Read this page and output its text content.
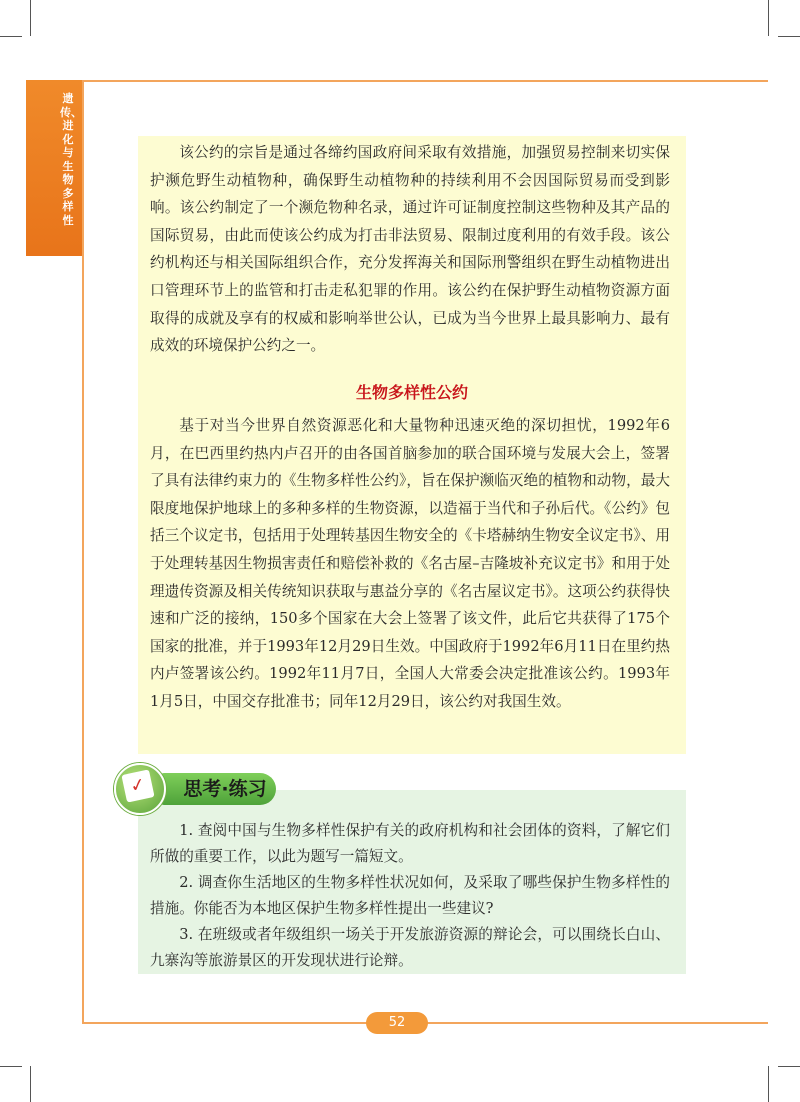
遗传、进化与生物多样性

该公约的宗旨是通过各缔约国政府间采取有效措施，加强贸易控制来切实保护濒危野生动植物种，确保野生动植物种的持续利用不会因国际贸易而受到影响。该公约制定了一个濒危物种名录，通过许可证制度控制这些物种及其产品的国际贸易，由此而使该公约成为打击非法贸易、限制过度利用的有效手段。该公约机构还与相关国际组织合作，充分发挥海关和国际刑警组织在野生动植物进出口管理环节上的监管和打击走私犯罪的作用。该公约在保护野生动植物资源方面取得的成就及享有的权威和影响举世公认，已成为当今世界上最具影响力、最有成效的环境保护公约之一。

生物多样性公约

基于对当今世界自然资源恶化和大量物种迅速灭绝的深切担忧，1992年6月，在巴西里约热内卢召开的由各国首脑参加的联合国环境与发展大会上，签署了具有法律约束力的《生物多样性公约》，旨在保护濒临灭绝的植物和动物，最大限度地保护地球上的多种多样的生物资源，以造福于当代和子孙后代。《公约》包括三个议定书，包括用于处理转基因生物安全的《卡塔赫纳生物安全议定书》、用于处理转基因生物损害责任和赔偿补救的《名古屋–吉隆坡补充议定书》和用于处理遗传资源及相关传统知识获取与惠益分享的《名古屋议定书》。这项公约获得快速和广泛的接纳，150多个国家在大会上签署了该文件，此后它共获得了175个国家的批准，并于1993年12月29日生效。中国政府于1992年6月11日在里约热内卢签署该公约。1992年11月7日，全国人大常委会决定批准该公约。1993年1月5日，中国交存批准书；同年12月29日，该公约对我国生效。

思考·练习
✓

1. 查阅中国与生物多样性保护有关的政府机构和社会团体的资料，了解它们所做的重要工作，以此为题写一篇短文。

2. 调查你生活地区的生物多样性状况如何，及采取了哪些保护生物多样性的措施。你能否为本地区保护生物多样性提出一些建议?

3. 在班级或者年级组织一场关于开发旅游资源的辩论会，可以围绕长白山、九寨沟等旅游景区的开发现状进行论辩。

52
